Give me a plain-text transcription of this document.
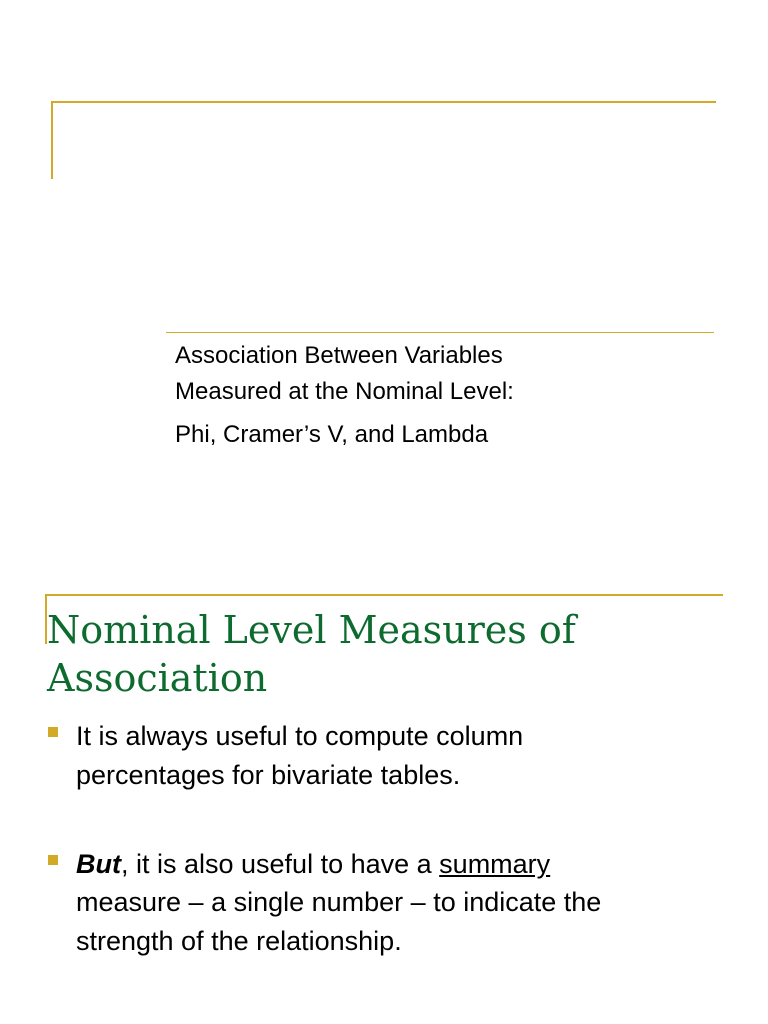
Association Between Variables
Measured at the Nominal Level:
Phi, Cramer’s V, and Lambda
Nominal Level Measures of
Association
It is always useful to compute column
percentages for bivariate tables.
But, it is also useful to have a summary
measure – a single number – to indicate the
strength of the relationship.
